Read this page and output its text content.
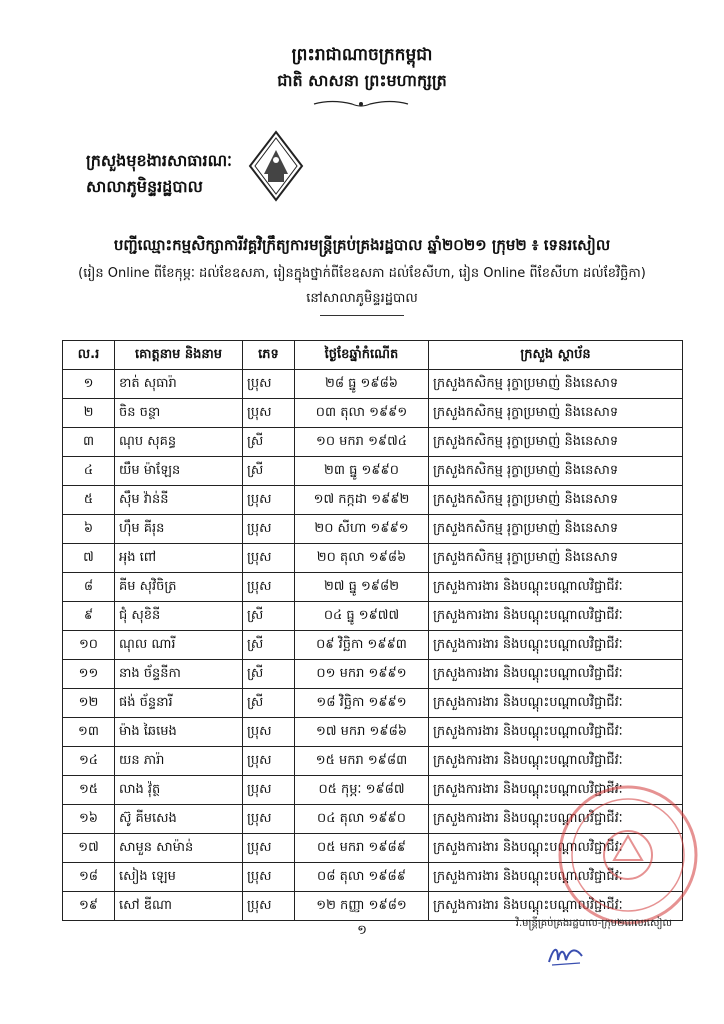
ព្រះរាជាណាចក្រកម្ពុជា
ជាតិ សាសនា ព្រះមហាក្សត្រ
ក្រសួងមុខងារសាធារណៈ
សាលាភូមិន្ទរដ្ឋបាល
បញ្ជីឈ្មោះកម្មសិក្សាការីវគ្គវិក្រឹត្យការមន្ត្រីគ្រប់គ្រងរដ្ឋបាល ឆ្នាំ២០២១ ក្រុម២ ៖ ទេនរសៀល
(រៀន Online ពីខែកុម្ភៈ ដល់ខែឧសភា, រៀនក្នុងថ្នាក់ពីខែឧសភា ដល់ខែសីហា, រៀន Online ពីខែសីហា ដល់ខែវិច្ឆិកា)
នៅសាលាភូមិន្ទរដ្ឋបាល
ល.រ	គោត្តនាម និងនាម	ភេទ	ថ្ងៃខែឆ្នាំកំណើត	ក្រសួង ស្ថាប័ន
១	ខាត់ សុធារ៉ា	ប្រុស	២៨ ធ្នូ ១៩៨៦	ក្រសួងកសិកម្ម រុក្ខាប្រមាញ់ និងនេសាទ
២	ចិន ចន្ថា	ប្រុស	០៣ តុលា ១៩៩១	ក្រសួងកសិកម្ម រុក្ខាប្រមាញ់ និងនេសាទ
៣	ណុប សុគន្ធ	ស្រី	១០ មករា ១៩៧៤	ក្រសួងកសិកម្ម រុក្ខាប្រមាញ់ និងនេសាទ
៤	យឹម ម៉ាឡែន	ស្រី	២៣ ធ្នូ ១៩៩០	ក្រសួងកសិកម្ម រុក្ខាប្រមាញ់ និងនេសាទ
៥	ស៊ឹម វ៉ាន់នី	ប្រុស	១៧ កក្កដា ១៩៩២	ក្រសួងកសិកម្ម រុក្ខាប្រមាញ់ និងនេសាទ
៦	ហ៊ឹម គីរុន	ប្រុស	២០ សីហា ១៩៩១	ក្រសួងកសិកម្ម រុក្ខាប្រមាញ់ និងនេសាទ
៧	អុង ពៅ	ប្រុស	២០ តុលា ១៩៨៦	ក្រសួងកសិកម្ម រុក្ខាប្រមាញ់ និងនេសាទ
៨	គីម សុវិចិត្រ	ប្រុស	២៧ ធ្នូ ១៩៨២	ក្រសួងការងារ និងបណ្តុះបណ្តាលវិជ្ជាជីវៈ
៩	ជុំ សុខិនី	ស្រី	០៤ ធ្នូ ១៩៧៧	ក្រសួងការងារ និងបណ្តុះបណ្តាលវិជ្ជាជីវៈ
១០	ណុល ណារី	ស្រី	០៩ វិច្ឆិកា ១៩៩៣	ក្រសួងការងារ និងបណ្តុះបណ្តាលវិជ្ជាជីវៈ
១១	នាង ច័ន្ទនីកា	ស្រី	០១ មករា ១៩៩១	ក្រសួងការងារ និងបណ្តុះបណ្តាលវិជ្ជាជីវៈ
១២	ផង់ ច័ន្ទនារី	ស្រី	១៨ វិច្ឆិកា ១៩៩១	ក្រសួងការងារ និងបណ្តុះបណ្តាលវិជ្ជាជីវៈ
១៣	ម៉ាង ឆៃមេង	ប្រុស	១៧ មករា ១៩៨៦	ក្រសួងការងារ និងបណ្តុះបណ្តាលវិជ្ជាជីវៈ
១៤	យន ភារ៉ា	ប្រុស	១៥ មករា ១៩៨៣	ក្រសួងការងារ និងបណ្តុះបណ្តាលវិជ្ជាជីវៈ
១៥	លាង វ៉ុត្ថ	ប្រុស	០៥ កុម្ភៈ ១៩៨៧	ក្រសួងការងារ និងបណ្តុះបណ្តាលវិជ្ជាជីវៈ
១៦	ស៊ូ គីមសេង	ប្រុស	០៤ តុលា ១៩៩០	ក្រសួងការងារ និងបណ្តុះបណ្តាលវិជ្ជាជីវៈ
១៧	សាមួន សាម៉ាន់	ប្រុស	០៥ មករា ១៩៨៩	ក្រសួងការងារ និងបណ្តុះបណ្តាលវិជ្ជាជីវៈ
១៨	សៀង ឡេម	ប្រុស	០៨ តុលា ១៩៨៩	ក្រសួងការងារ និងបណ្តុះបណ្តាលវិជ្ជាជីវៈ
១៩	សៅ ឌីណា	ប្រុស	១២ កញ្ញា ១៩៨១	ក្រសួងការងារ និងបណ្តុះបណ្តាលវិជ្ជាជីវៈ
១	វិ.មន្ត្រីគ្រប់គ្រងរដ្ឋបាល-ក្រុម២ពេលរសៀល
